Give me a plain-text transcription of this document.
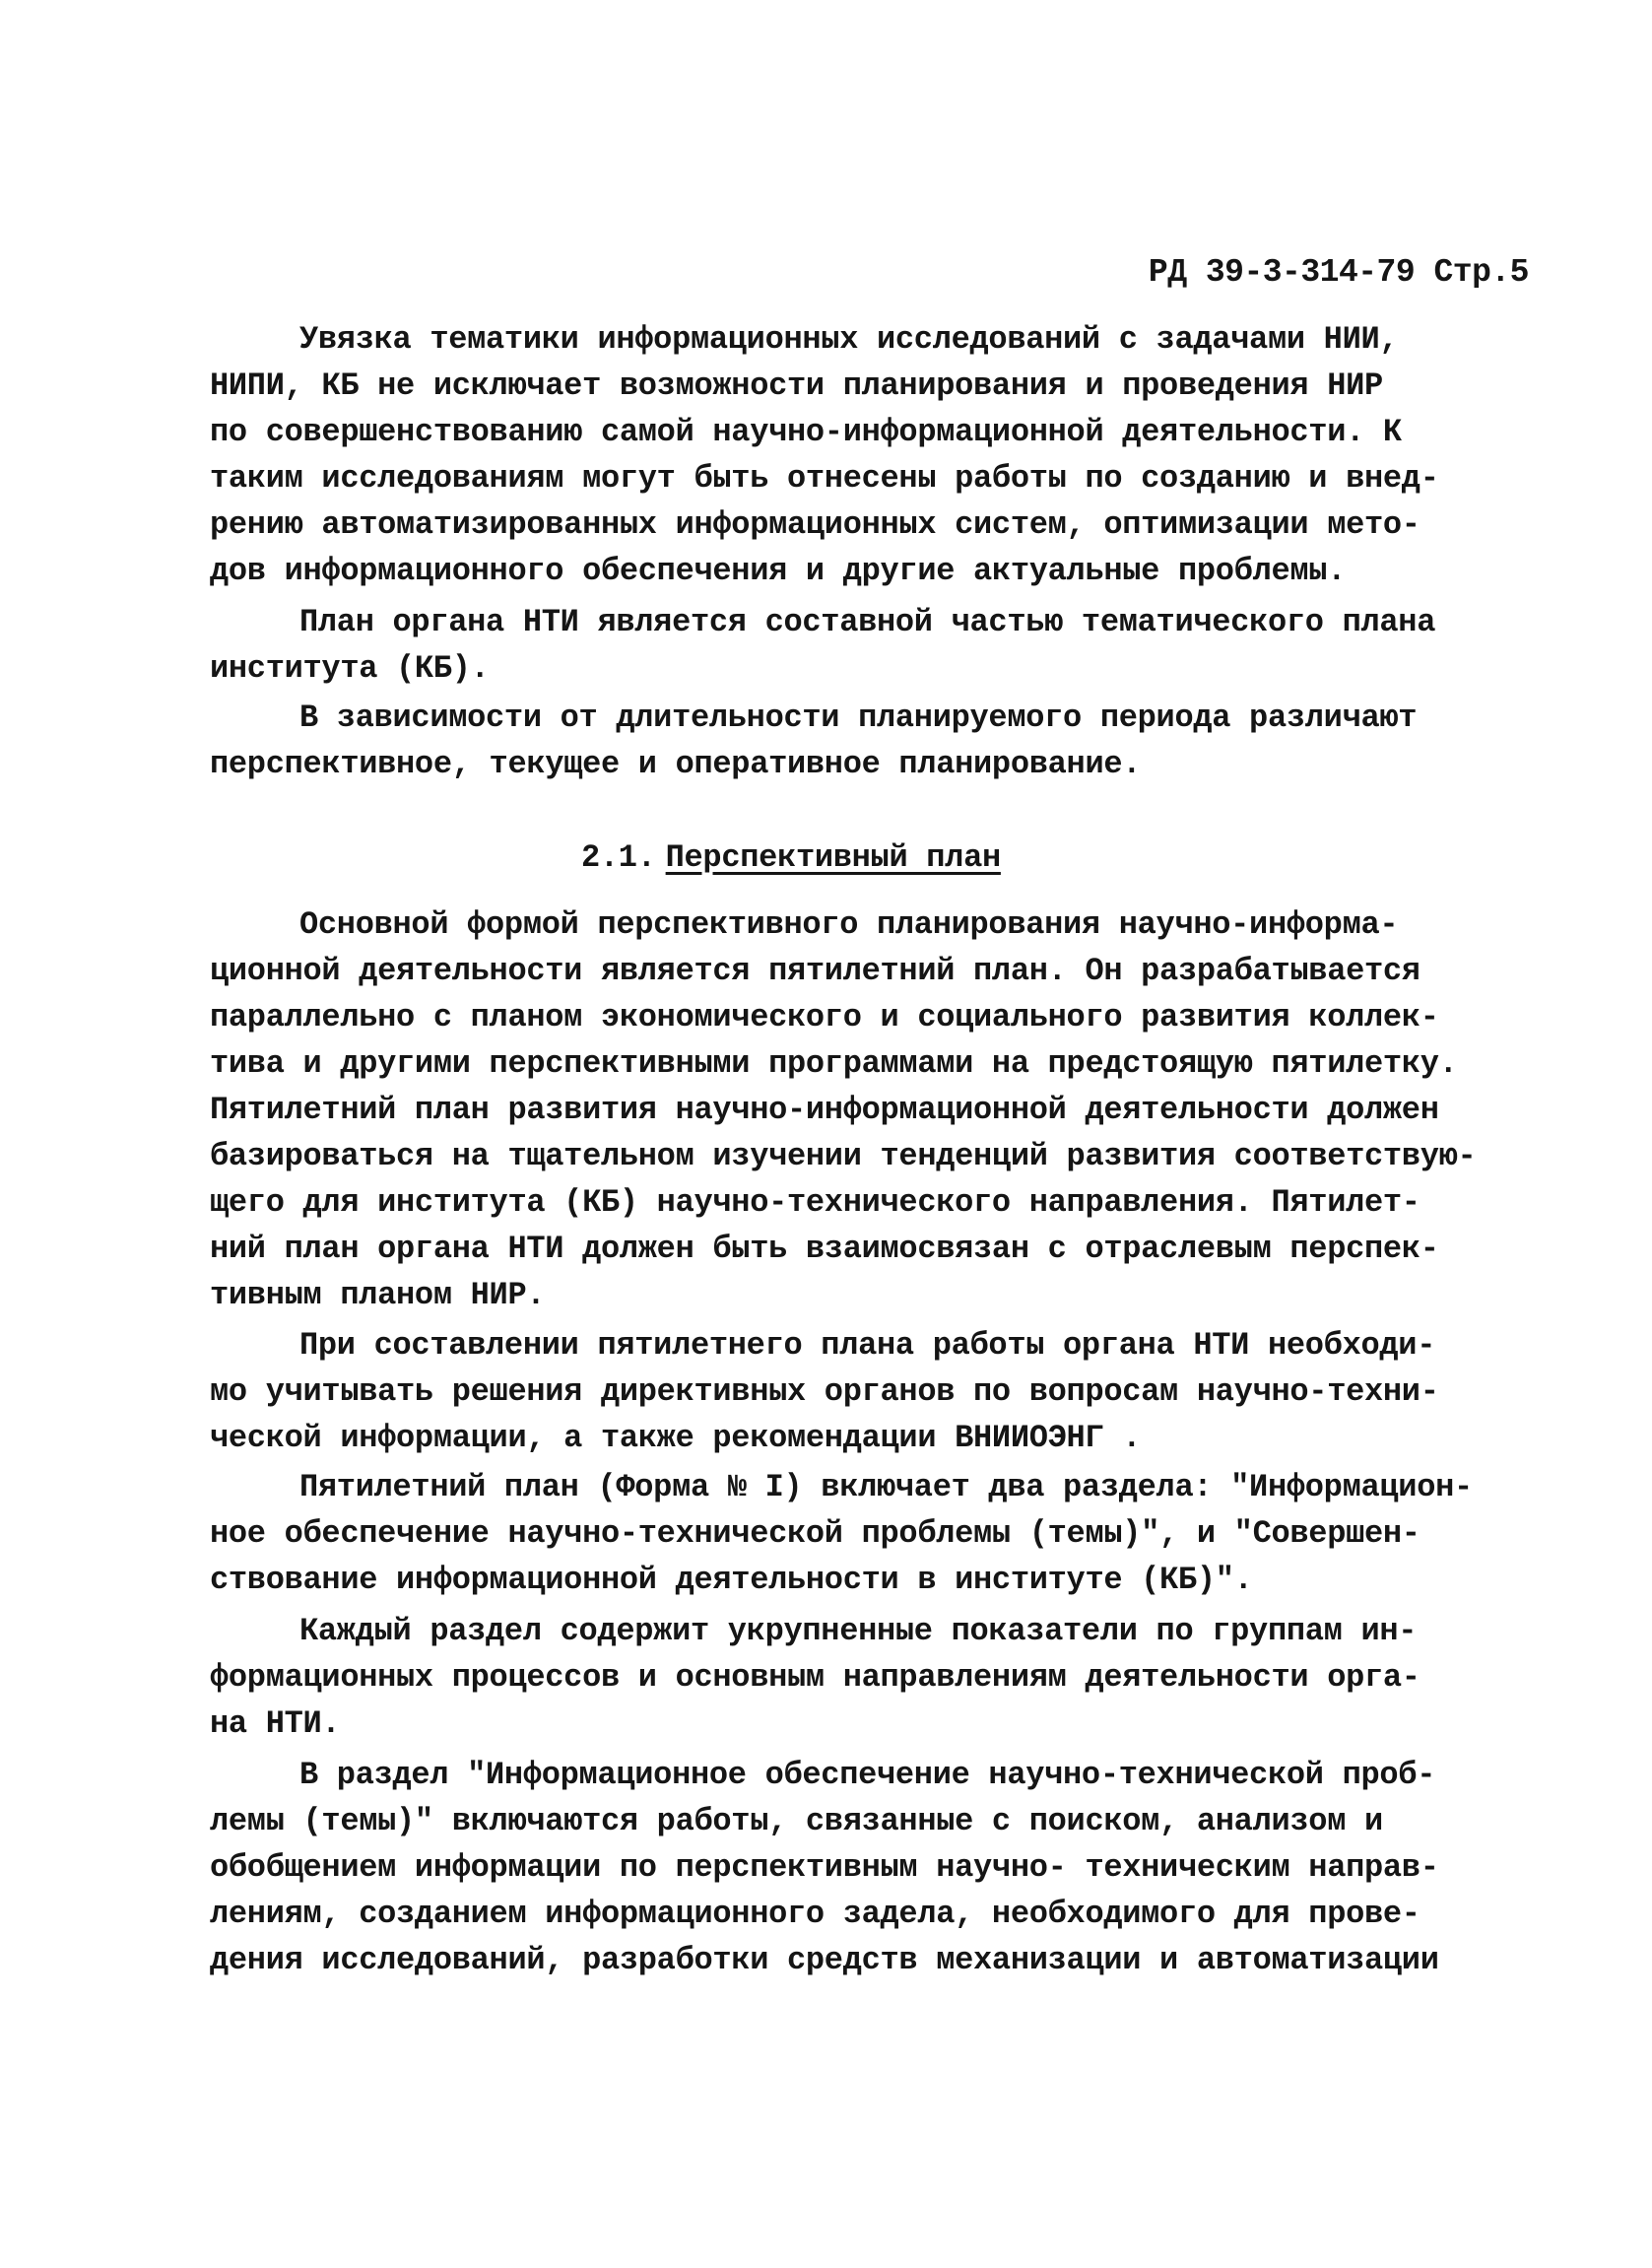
РД 39-3-314-79 Стр.5
Увязка тематики информационных исследований с задачами НИИ,
НИПИ, КБ не исключает возможности планирования и проведения НИР
по совершенствованию самой научно-информационной деятельности. К
таким исследованиям могут быть отнесены работы по созданию и внед-
рению автоматизированных информационных систем, оптимизации мето-
дов информационного обеспечения и другие актуальные проблемы.
План органа НТИ является составной частью тематического плана
института (КБ).
В зависимости от длительности планируемого периода различают
перспективное, текущее и оперативное планирование.
2.1. Перспективный план
Основной формой перспективного планирования научно-информа-
ционной деятельности является пятилетний план. Он разрабатывается
параллельно с планом экономического и социального развития коллек-
тива и другими перспективными программами на предстоящую пятилетку.
Пятилетний план развития научно-информационной деятельности должен
базироваться на тщательном изучении тенденций развития соответствую-
щего для института (КБ) научно-технического направления. Пятилет-
ний план органа НТИ должен быть взаимосвязан с отраслевым перспек-
тивным планом НИР.
При составлении пятилетнего плана работы органа НТИ необходи-
мо учитывать решения директивных органов по вопросам научно-техни-
ческой информации, а также рекомендации ВНИИОЭНГ .
Пятилетний план (Форма № I) включает два раздела: "Информацион-
ное обеспечение научно-технической проблемы (темы)", и "Совершен-
ствование информационной деятельности в институте (КБ)".
Каждый раздел содержит укрупненные показатели по группам ин-
формационных процессов и основным направлениям деятельности орга-
на НТИ.
В раздел "Информационное обеспечение научно-технической проб-
лемы (темы)" включаются работы, связанные с поиском, анализом и
обобщением информации по перспективным научно- техническим направ-
лениям, созданием информационного задела, необходимого для прове-
дения исследований, разработки средств механизации и автоматизации
